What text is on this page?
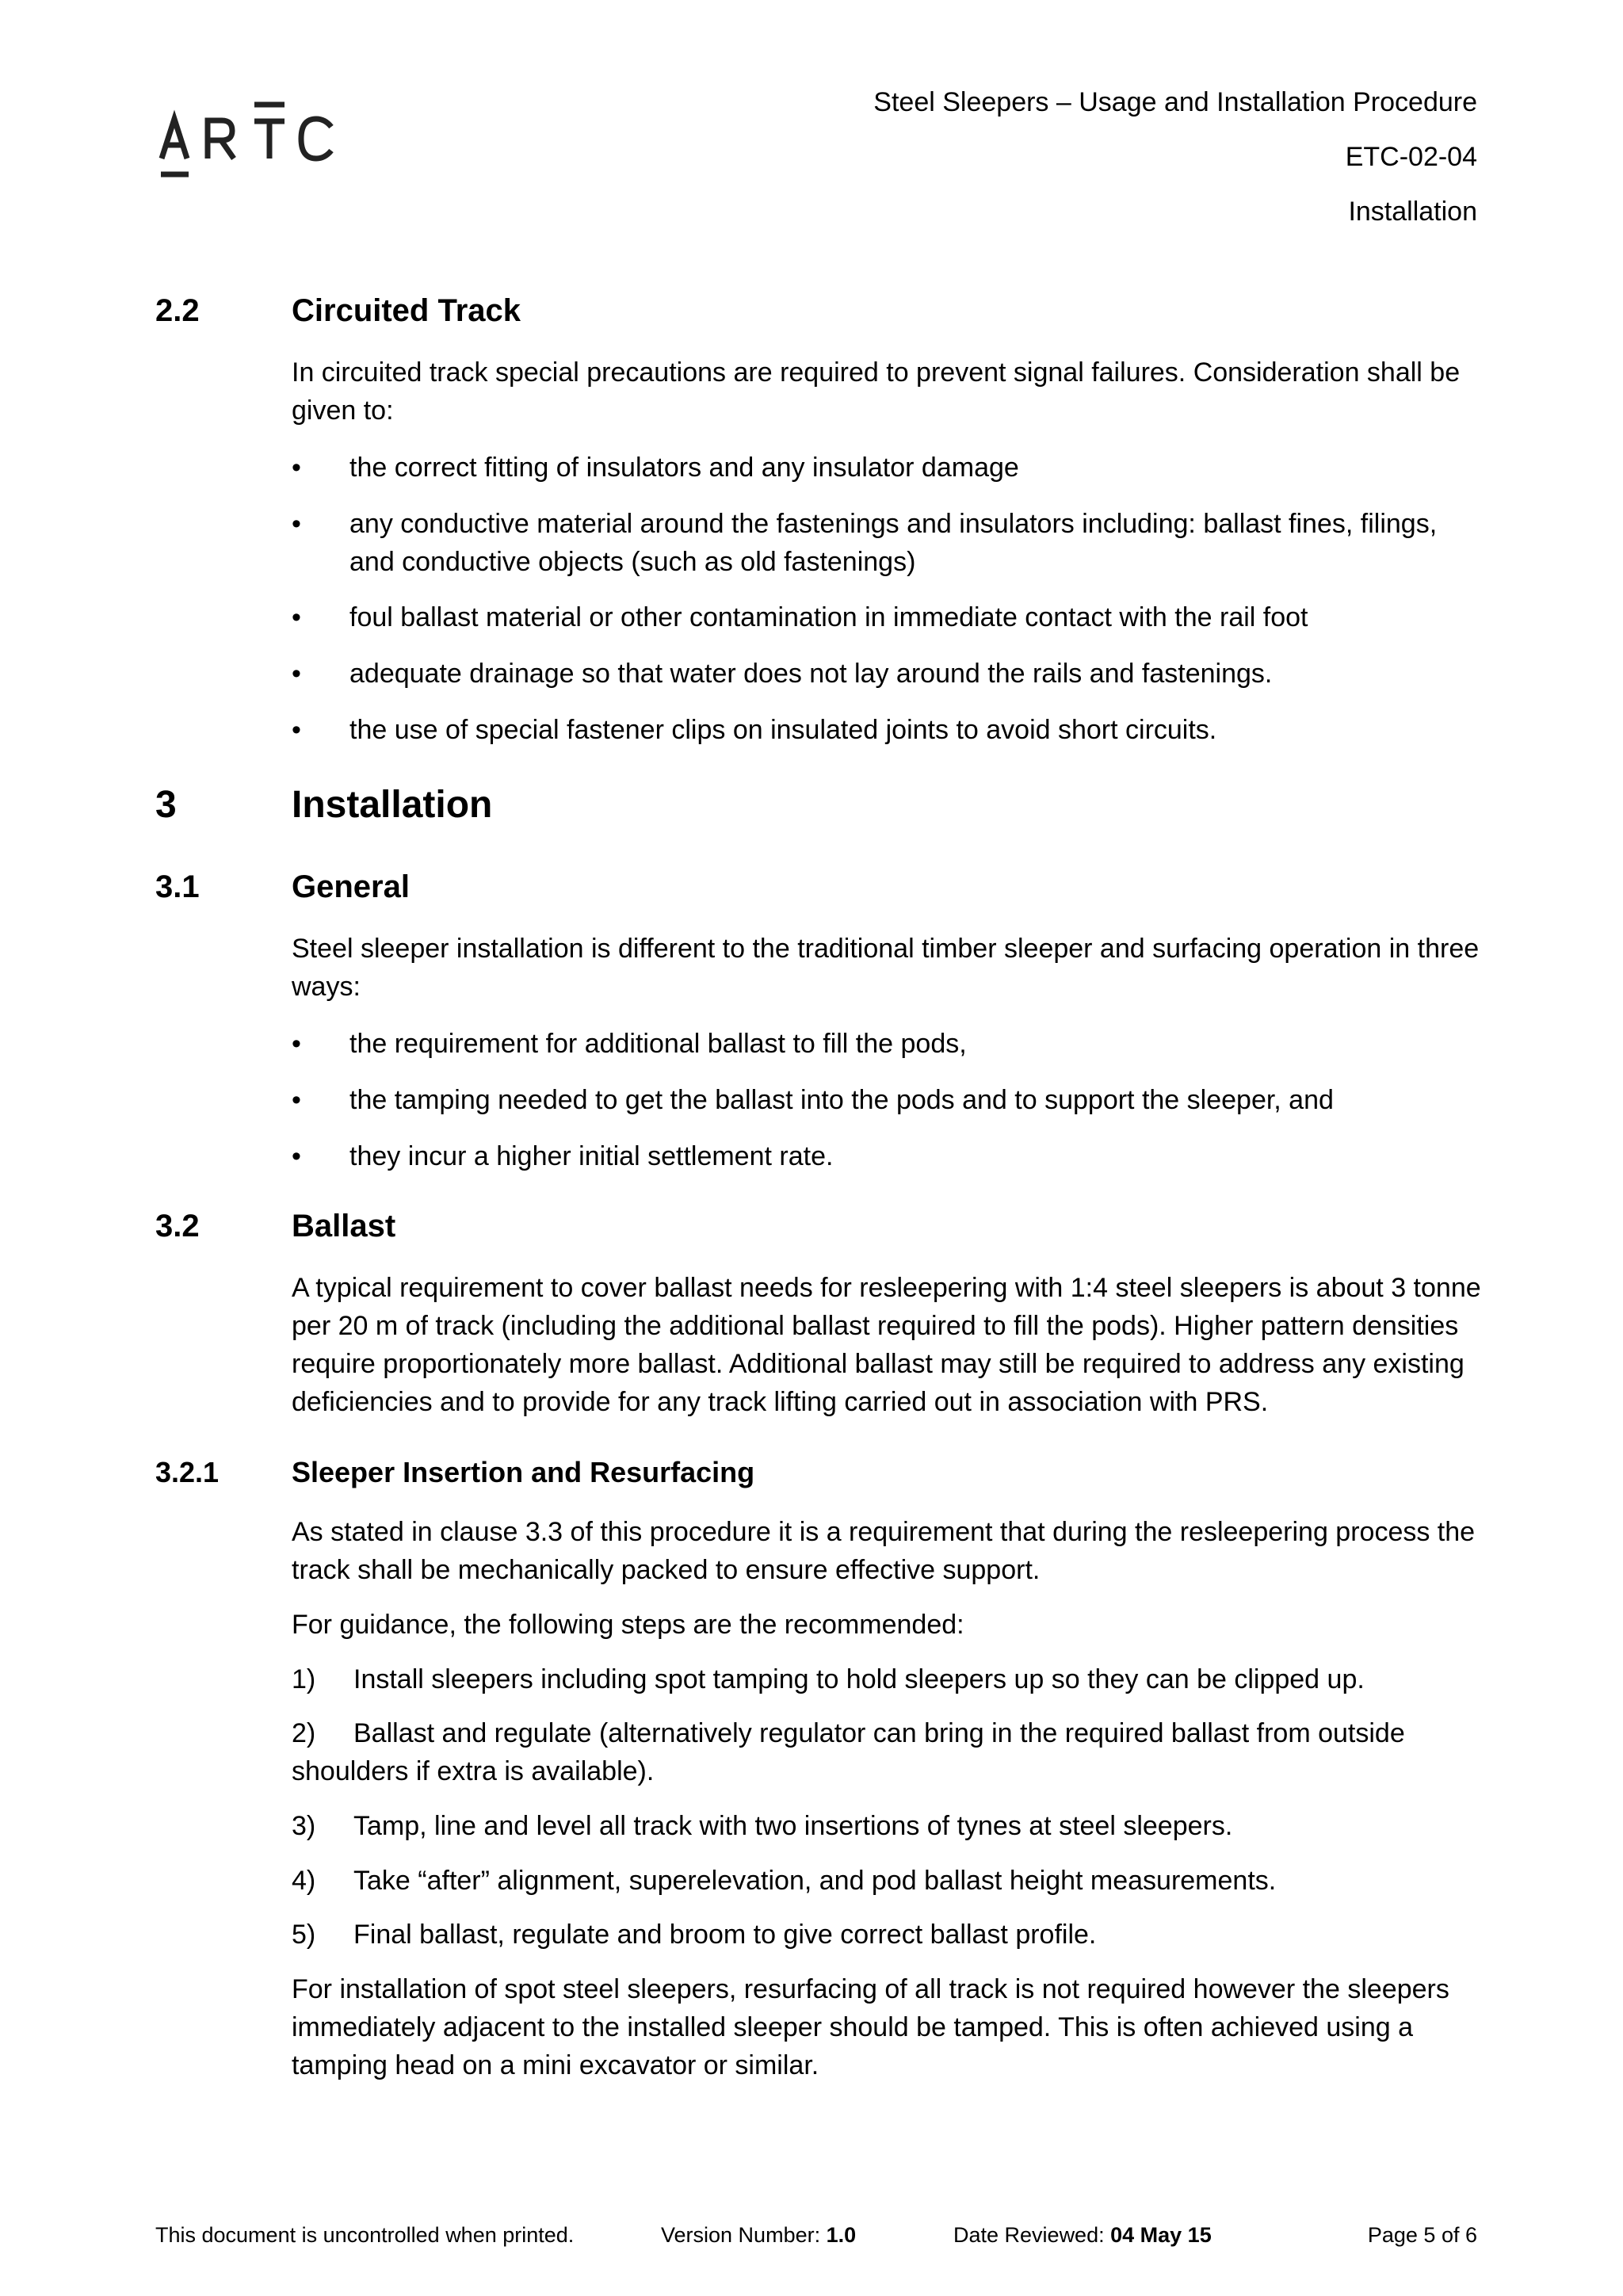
Steel Sleepers – Usage and Installation Procedure
ETC-02-04
Installation
2.2	Circuited Track
In circuited track special precautions are required to prevent signal failures. Consideration shall be given to:
• the correct fitting of insulators and any insulator damage
• any conductive material around the fastenings and insulators including: ballast fines, filings, and conductive objects (such as old fastenings)
• foul ballast material or other contamination in immediate contact with the rail foot
• adequate drainage so that water does not lay around the rails and fastenings.
• the use of special fastener clips on insulated joints to avoid short circuits.
3	Installation
3.1	General
Steel sleeper installation is different to the traditional timber sleeper and surfacing operation in three ways:
• the requirement for additional ballast to fill the pods,
• the tamping needed to get the ballast into the pods and to support the sleeper, and
• they incur a higher initial settlement rate.
3.2	Ballast
A typical requirement to cover ballast needs for resleepering with 1:4 steel sleepers is about 3 tonne per 20 m of track (including the additional ballast required to fill the pods). Higher pattern densities require proportionately more ballast. Additional ballast may still be required to address any existing deficiencies and to provide for any track lifting carried out in association with PRS.
3.2.1	Sleeper Insertion and Resurfacing
As stated in clause 3.3 of this procedure it is a requirement that during the resleepering process the track shall be mechanically packed to ensure effective support.
For guidance, the following steps are the recommended:
1) Install sleepers including spot tamping to hold sleepers up so they can be clipped up.
2) Ballast and regulate (alternatively regulator can bring in the required ballast from outside shoulders if extra is available).
3) Tamp, line and level all track with two insertions of tynes at steel sleepers.
4) Take “after” alignment, superelevation, and pod ballast height measurements.
5) Final ballast, regulate and broom to give correct ballast profile.
For installation of spot steel sleepers, resurfacing of all track is not required however the sleepers immediately adjacent to the installed sleeper should be tamped. This is often achieved using a tamping head on a mini excavator or similar.
This document is uncontrolled when printed.	Version Number: 1.0	Date Reviewed: 04 May 15	Page 5 of 6
